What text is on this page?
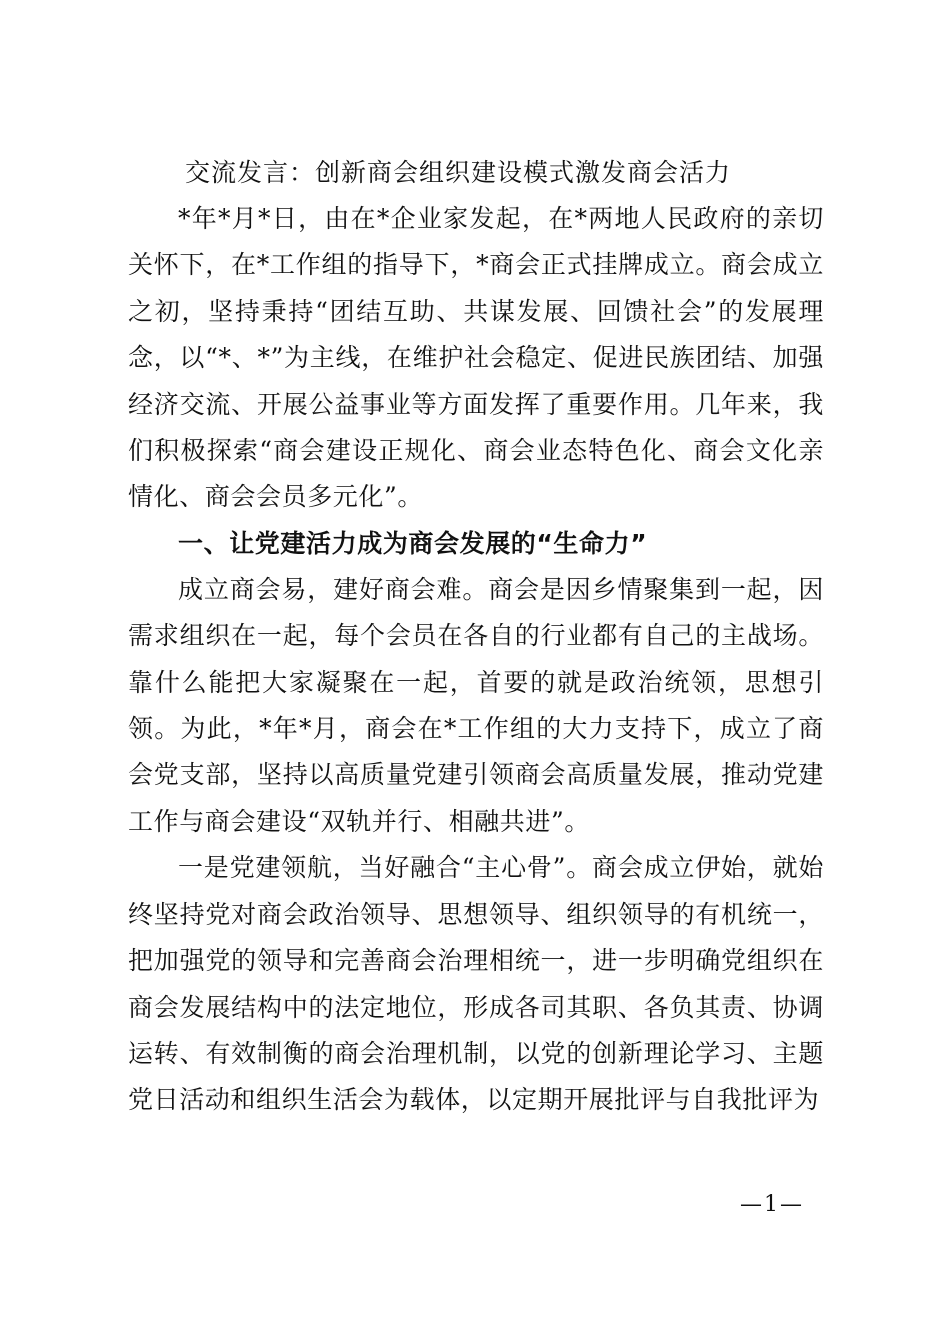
交流发言：创新商会组织建设模式激发商会活力

*年*月*日，由在*企业家发起，在*两地人民政府的亲切关怀下，在*工作组的指导下，*商会正式挂牌成立。商会成立之初，坚持秉持“团结互助、共谋发展、回馈社会”的发展理念，以“*、*”为主线，在维护社会稳定、促进民族团结、加强经济交流、开展公益事业等方面发挥了重要作用。几年来，我们积极探索“商会建设正规化、商会业态特色化、商会文化亲情化、商会会员多元化”。

一、让党建活力成为商会发展的“生命力”

成立商会易，建好商会难。商会是因乡情聚集到一起，因需求组织在一起，每个会员在各自的行业都有自己的主战场。靠什么能把大家凝聚在一起，首要的就是政治统领，思想引领。为此，*年*月，商会在*工作组的大力支持下，成立了商会党支部，坚持以高质量党建引领商会高质量发展，推动党建工作与商会建设“双轨并行、相融共进”。

一是党建领航，当好融合“主心骨”。商会成立伊始，就始终坚持党对商会政治领导、思想领导、组织领导的有机统一，把加强党的领导和完善商会治理相统一，进一步明确党组织在商会发展结构中的法定地位，形成各司其职、各负其责、协调运转、有效制衡的商会治理机制，以党的创新理论学习、主题党日活动和组织生活会为载体，以定期开展批评与自我批评为

—1—
